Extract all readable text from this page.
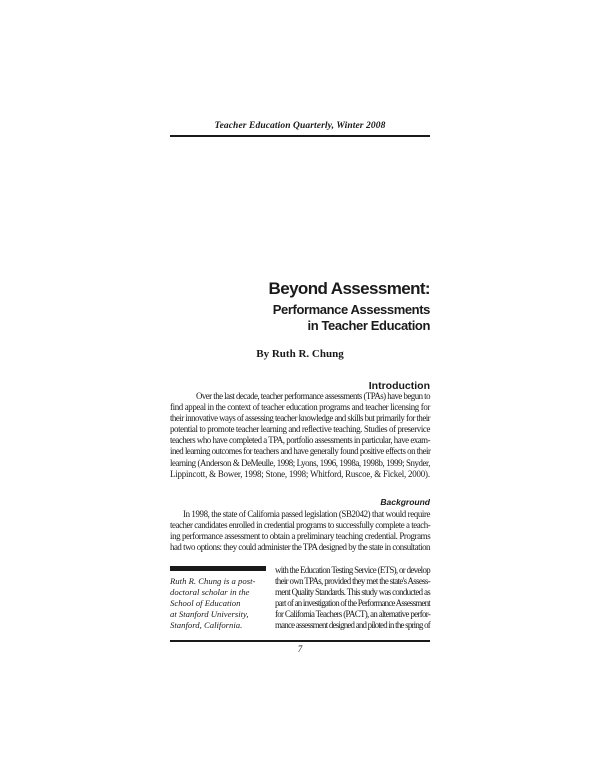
Teacher Education Quarterly, Winter 2008
Beyond Assessment:
Performance Assessments
in Teacher Education
By Ruth R. Chung
Introduction
Over the last decade, teacher performance assessments (TPAs) have begun to
find appeal in the context of teacher education programs and teacher licensing for
their innovative ways of assessing teacher knowledge and skills but primarily for their
potential to promote teacher learning and reflective teaching. Studies of preservice
teachers who have completed a TPA, portfolio assessments in particular, have exam-
ined learning outcomes for teachers and have generally found positive effects on their
learning (Anderson & DeMeulle, 1998; Lyons, 1996, 1998a, 1998b, 1999; Snyder,
Lippincott, & Bower, 1998; Stone, 1998; Whitford, Ruscoe, & Fickel, 2000).
Background
In 1998, the state of California passed legislation (SB2042) that would require
teacher candidates enrolled in credential programs to successfully complete a teach-
ing performance assessment to obtain a preliminary teaching credential. Programs
had two options: they could administer the TPA designed by the state in consultation
Ruth R. Chung is a post-
doctoral scholar in the
School of Education
at Stanford University,
Stanford, California.
with the Education Testing Service (ETS), or develop
their own TPAs, provided they met the state's Assess-
ment Quality Standards. This study was conducted as
part of an investigation of the Performance Assessment
for California Teachers (PACT), an alternative perfor-
mance assessment designed and piloted in the spring of
7
